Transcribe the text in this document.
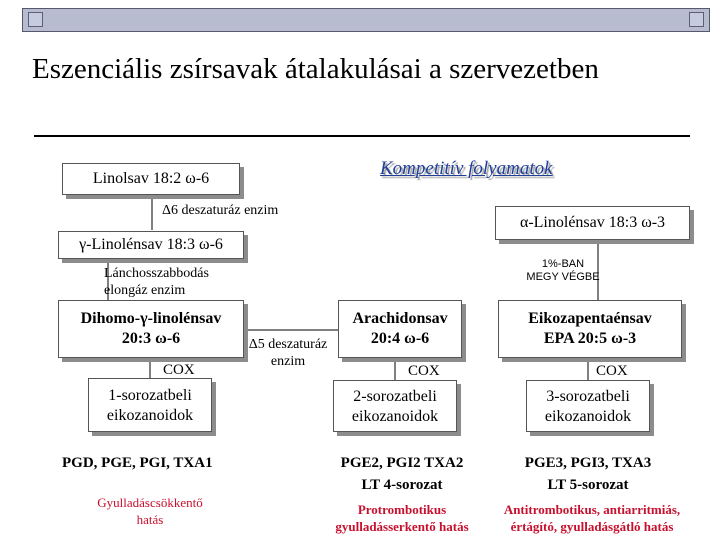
Eszenciális zsírsavak átalakulásai a szervezetben
Linolsav 18:2 ω-6	Kompetitív folyamatok
Δ6 deszaturáz enzim
α-Linolénsav 18:3 ω-3
γ-Linolénsav 18:3 ω-6
Lánchosszabbodás
elongáz enzim
1%-BAN
MEGY VÉGBE
Dihomo-γ-linolénsav
20:3 ω-6	Δ5 deszaturáz
enzim
Arachidonsav
20:4 ω-6
Eikozapentaénsav
EPA 20:5 ω-3
COX	COX	COX
1-sorozatbeli
eikozanoidok
2-sorozatbeli
eikozanoidok
3-sorozatbeli
eikozanoidok
PGD, PGE, PGI, TXA1	PGE2, PGI2 TXA2
LT 4-sorozat
PGE3, PGI3, TXA3
LT 5-sorozat
Gyulladáscsökkentő
hatás
Protrombotikus
gyulladásserkentő hatás
Antitrombotikus, antiarritmiás,
értágító, gyulladásgátló hatás
